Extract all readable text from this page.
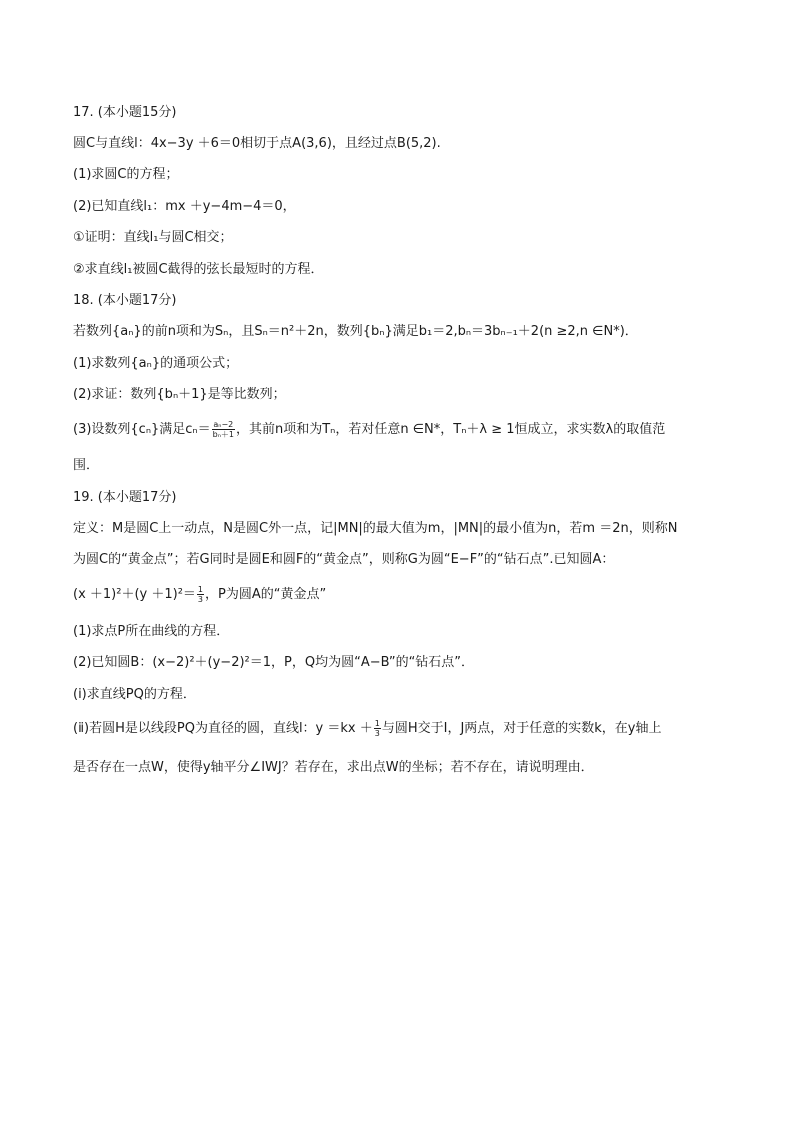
17. (本小题15分)
圆C与直线l：4x−3y ＋6＝0相切于点A(3,6)，且经过点B(5,2).
(1)求圆C的方程；
(2)已知直线l₁：mx ＋y−4m−4＝0，
①证明：直线l₁与圆C相交；
②求直线l₁被圆C截得的弦长最短时的方程．
18. (本小题17分)
若数列{aₙ}的前n项和为Sₙ，且Sₙ＝n²＋2n，数列{bₙ}满足b₁＝2,bₙ＝3bₙ₋₁＋2(n ≥2,n ∈N*)．
(1)求数列{aₙ}的通项公式；
(2)求证：数列{bₙ＋1}是等比数列；
(3)设数列{cₙ}满足$c_n= \frac{\text{aₙ−2}}{\text{bₙ＋1}}$ ，其前n项和为Tₙ，若对任意n ∈N*，Tₙ＋λ ≥ 1恒成立，求实数λ的取值范
围．
19. (本小题17分)
定义：M是圆C上一动点，N是圆C外一点，记|MN|的最大值为m，|MN|的最小值为n，若m ＝2n，则称N
为圆C的“黄金点”；若G同时是圆E和圆F的“黄金点”，则称G为圆“E−F”的“钻石点”.已知圆A：
$(x +1)^2+(y +1)^2= \frac{1}{3}$ ，P为圆A的“黄金点”
(1)求点P所在曲线的方程．
(2)已知圆B：(x−2)²＋(y−2)²＝1，P，Q均为圆“A−B”的“钻石点”．
(ⅰ)求直线PQ的方程．
(ⅱ)若圆H是以线段PQ为直径的圆，直线l：$y =kx + \frac{1}{3}$ 与圆H交于I，J两点，对于任意的实数k，在y轴上
是否存在一点W，使得y轴平分∠IWJ？若存在，求出点W的坐标；若不存在，请说明理由．
